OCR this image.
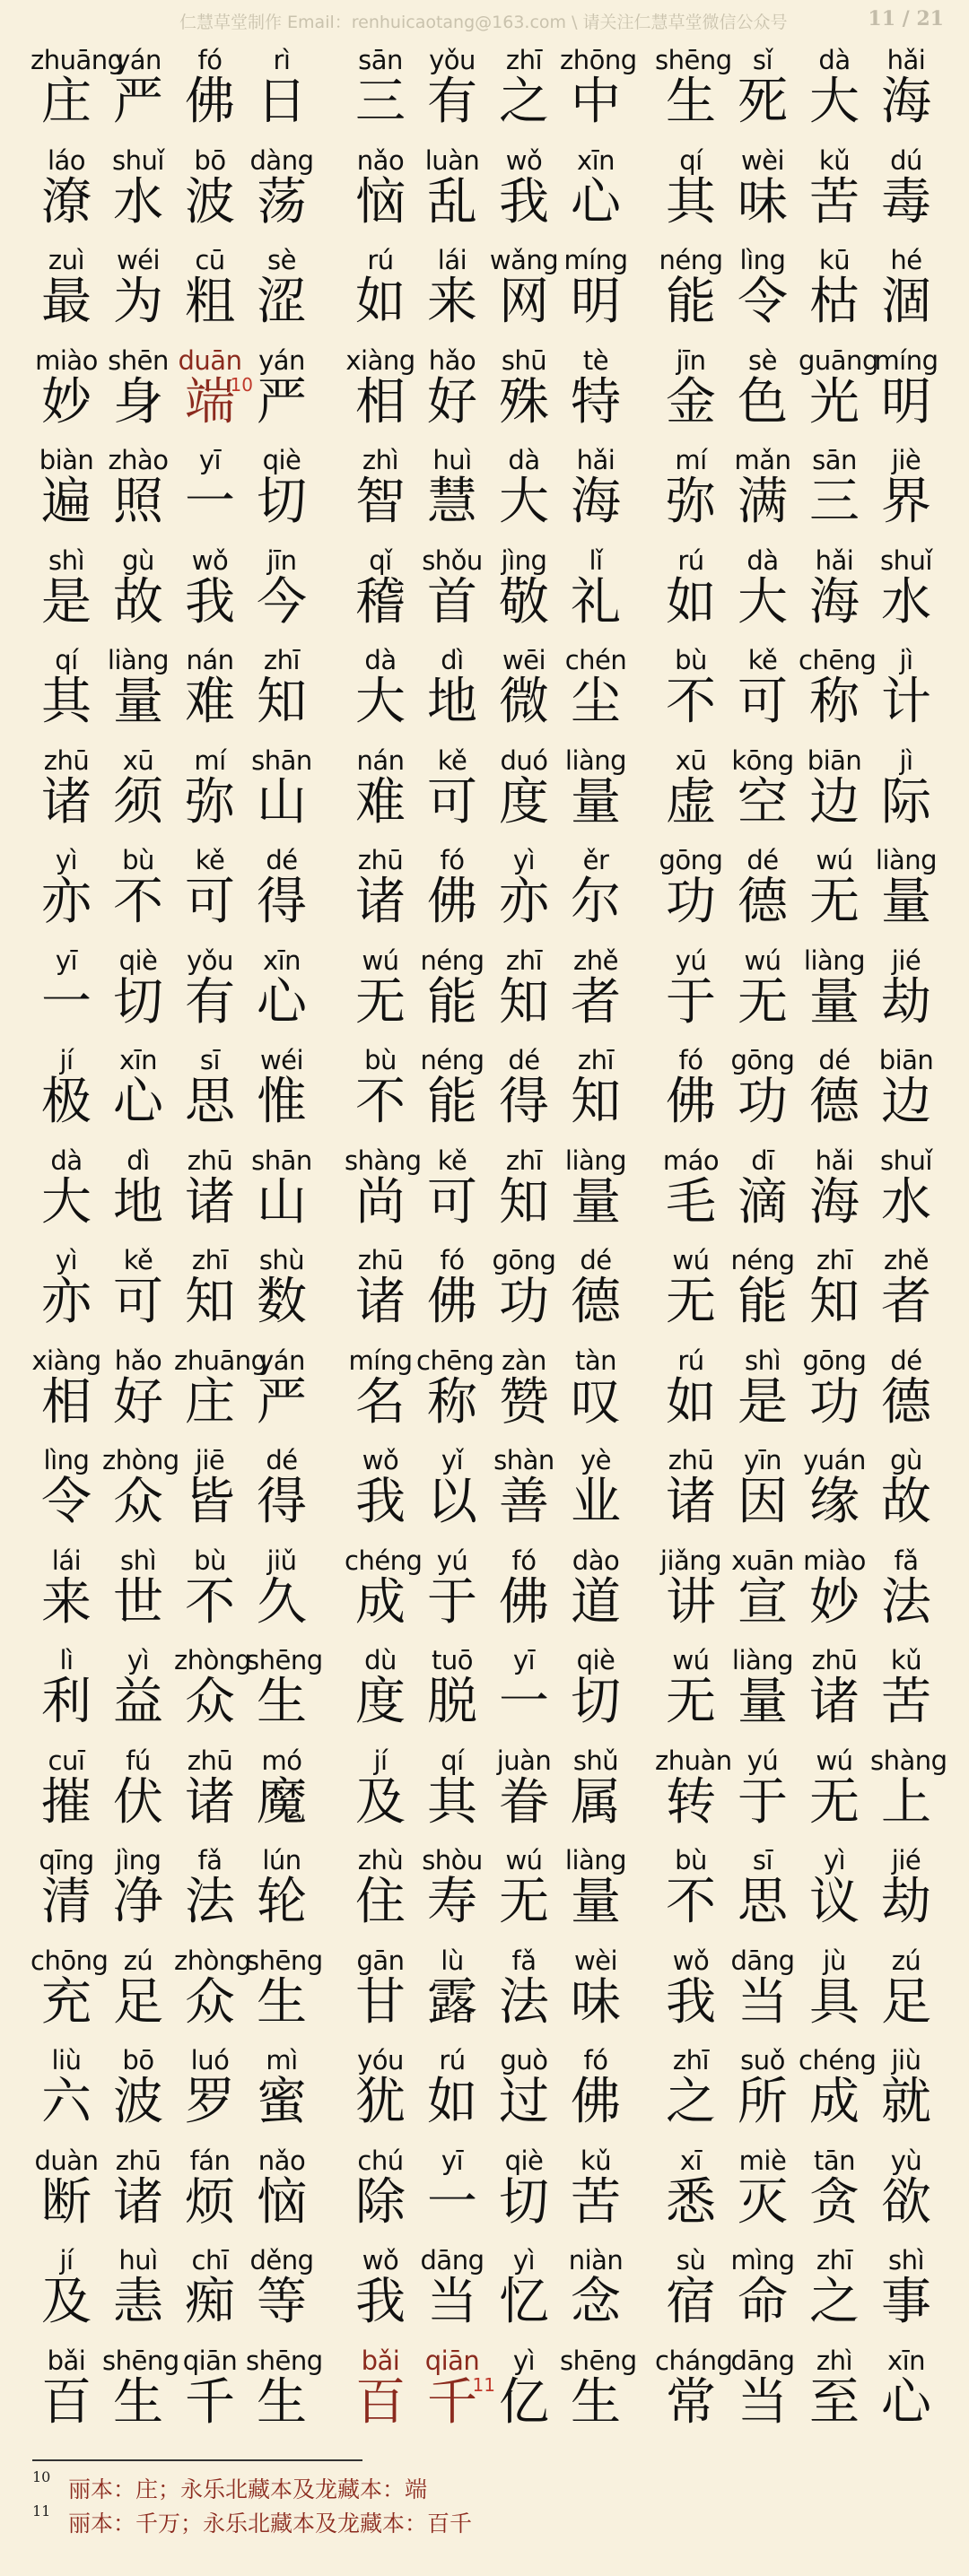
仁慧草堂制作 Email：renhuicaotang@163.com \ 请关注仁慧草堂微信公众号	11 / 21
zhuāng
庄
yán
严
fó
佛
rì
日
sān
三
yǒu
有
zhī
之
zhōng
中
shēng
生
sǐ
死
dà
大
hǎi
海
láo
潦
shuǐ
水
bō
波
dàng
荡
nǎo
恼
luàn
乱
wǒ
我
xīn
心
qí
其
wèi
味
kǔ
苦
dú
毒
zuì
最
wéi
为
cū
粗
sè
涩
rú
如
lái
来
wǎng
网
míng
明
néng
能
lìng
令
kū
枯
hé
涸
miào
妙
shēn
身
duān
端
10
yán
严
xiàng
相
hǎo
好
shū
殊
tè
特
jīn
金
sè
色
guāng
光
míng
明
biàn
遍
zhào
照
yī
一
qiè
切
zhì
智
huì
慧
dà
大
hǎi
海
mí
弥
mǎn
满
sān
三
jiè
界
shì
是
gù
故
wǒ
我
jīn
今
qǐ
稽
shǒu
首
jìng
敬
lǐ
礼
rú
如
dà
大
hǎi
海
shuǐ
水
qí
其
liàng
量
nán
难
zhī
知
dà
大
dì
地
wēi
微
chén
尘
bù
不
kě
可
chēng
称
jì
计
zhū
诸
xū
须
mí
弥
shān
山
nán
难
kě
可
duó
度
liàng
量
xū
虚
kōng
空
biān
边
jì
际
yì
亦
bù
不
kě
可
dé
得
zhū
诸
fó
佛
yì
亦
ěr
尔
gōng
功
dé
德
wú
无
liàng
量
yī
一
qiè
切
yǒu
有
xīn
心
wú
无
néng
能
zhī
知
zhě
者
yú
于
wú
无
liàng
量
jié
劫
jí
极
xīn
心
sī
思
wéi
惟
bù
不
néng
能
dé
得
zhī
知
fó
佛
gōng
功
dé
德
biān
边
dà
大
dì
地
zhū
诸
shān
山
shàng
尚
kě
可
zhī
知
liàng
量
máo
毛
dī
滴
hǎi
海
shuǐ
水
yì
亦
kě
可
zhī
知
shù
数
zhū
诸
fó
佛
gōng
功
dé
德
wú
无
néng
能
zhī
知
zhě
者
xiàng
相
hǎo
好
zhuāng
庄
yán
严
míng
名
chēng
称
zàn
赞
tàn
叹
rú
如
shì
是
gōng
功
dé
德
lìng
令
zhòng
众
jiē
皆
dé
得
wǒ
我
yǐ
以
shàn
善
yè
业
zhū
诸
yīn
因
yuán
缘
gù
故
lái
来
shì
世
bù
不
jiǔ
久
chéng
成
yú
于
fó
佛
dào
道
jiǎng
讲
xuān
宣
miào
妙
fǎ
法
lì
利
yì
益
zhòng
众
shēng
生
dù
度
tuō
脱
yī
一
qiè
切
wú
无
liàng
量
zhū
诸
kǔ
苦
cuī
摧
fú
伏
zhū
诸
mó
魔
jí
及
qí
其
juàn
眷
shǔ
属
zhuàn
转
yú
于
wú
无
shàng
上
qīng
清
jìng
净
fǎ
法
lún
轮
zhù
住
shòu
寿
wú
无
liàng
量
bù
不
sī
思
yì
议
jié
劫
chōng
充
zú
足
zhòng
众
shēng
生
gān
甘
lù
露
fǎ
法
wèi
味
wǒ
我
dāng
当
jù
具
zú
足
liù
六
bō
波
luó
罗
mì
蜜
yóu
犹
rú
如
guò
过
fó
佛
zhī
之
suǒ
所
chéng
成
jiù
就
duàn
断
zhū
诸
fán
烦
nǎo
恼
chú
除
yī
一
qiè
切
kǔ
苦
xī
悉
miè
灭
tān
贪
yù
欲
jí
及
huì
恚
chī
痴
děng
等
wǒ
我
dāng
当
yì
忆
niàn
念
sù
宿
mìng
命
zhī
之
shì
事
bǎi
百
shēng
生
qiān
千
shēng
生
bǎi
百
qiān
千
11
yì
亿
shēng
生
cháng
常
dāng
当
zhì
至
xīn
心
10 丽本：庄；永乐北藏本及龙藏本：端
11 丽本：千万；永乐北藏本及龙藏本：百千
